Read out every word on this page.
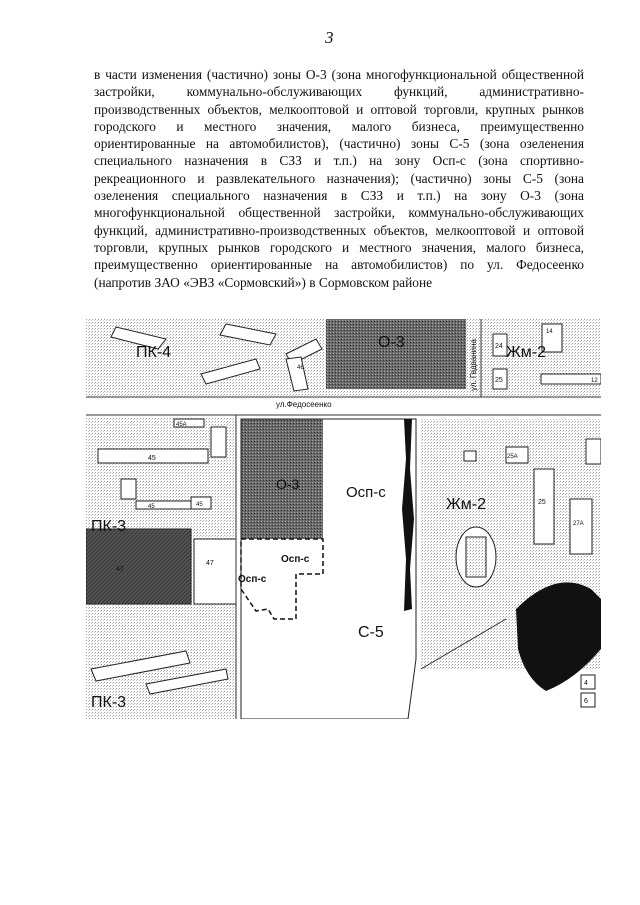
3
в части изменения (частично) зоны О-3 (зона многофункциональной общественной застройки, коммунально-обслуживающих функций, административно-производственных объектов, мелкооптовой и оптовой торговли, крупных рынков городского и местного значения, малого бизнеса, преимущественно ориентированные на автомобилистов), (частично) зоны С-5 (зона озеленения специального назначения в СЗЗ и т.п.) на зону Осп-с (зона спортивно-рекреационного и развлекательного назначения); (частично) зоны С-5 (зона озеленения специального назначения в СЗЗ и т.п.) на зону О-3 (зона многофункциональной общественной застройки, коммунально-обслуживающих функций, административно-производственных объектов, мелкооптовой и оптовой торговли, крупных рынков городского и местного значения, малого бизнеса, преимущественно ориентированные на автомобилистов) по ул. Федосеенко (напротив ЗАО «ЭВЗ «Сормовский») в Сормовском районе
46
24
25
14
12
ПК-4
О-3
Жм-2
ул. Гвдванина
ул.Федосеенко
45
45	45
45А
47
47
ПК-3
О-3	Осп-с
Осп-с
Осп-с
С-5
25А
25
27А
Жм-2
4
6
ПК-3
